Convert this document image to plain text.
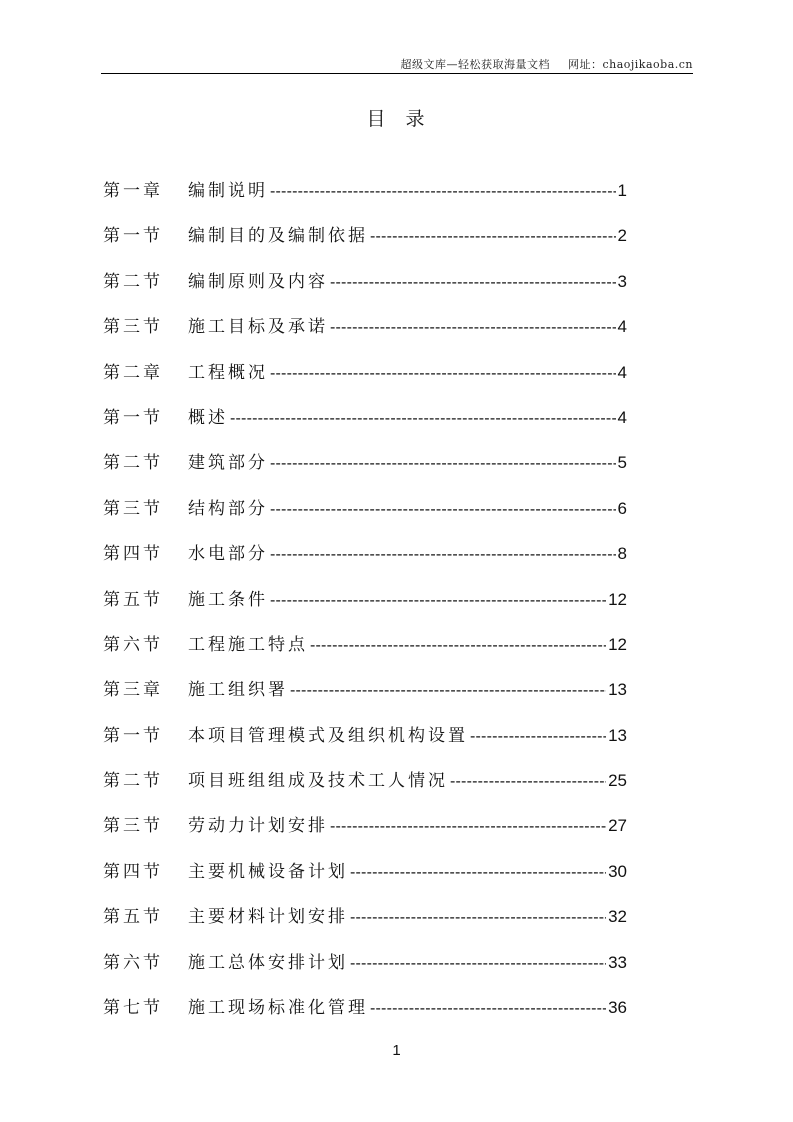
超级文库—轻松获取海量文档 网址：chaojikaoba.cn
目录
第一章	编制说明 -----	1
第一节	编制目的及编制依据 -----	2
第二节	编制原则及内容 -----	3
第三节	施工目标及承诺 -----	4
第二章	工程概况 -----	4
第一节	概述 -----	4
第二节	建筑部分 -----	5
第三节	结构部分 -----	6
第四节	水电部分 -----	8
第五节	施工条件 -----	12
第六节	工程施工特点 -----	12
第三章	施工组织署 -----	13
第一节	本项目管理模式及组织机构设置 -----	13
第二节	项目班组组成及技术工人情况 -----	25
第三节	劳动力计划安排 -----	27
第四节	主要机械设备计划 -----	30
第五节	主要材料计划安排 -----	32
第六节	施工总体安排计划 -----	33
第七节	施工现场标准化管理 -----	36
1
